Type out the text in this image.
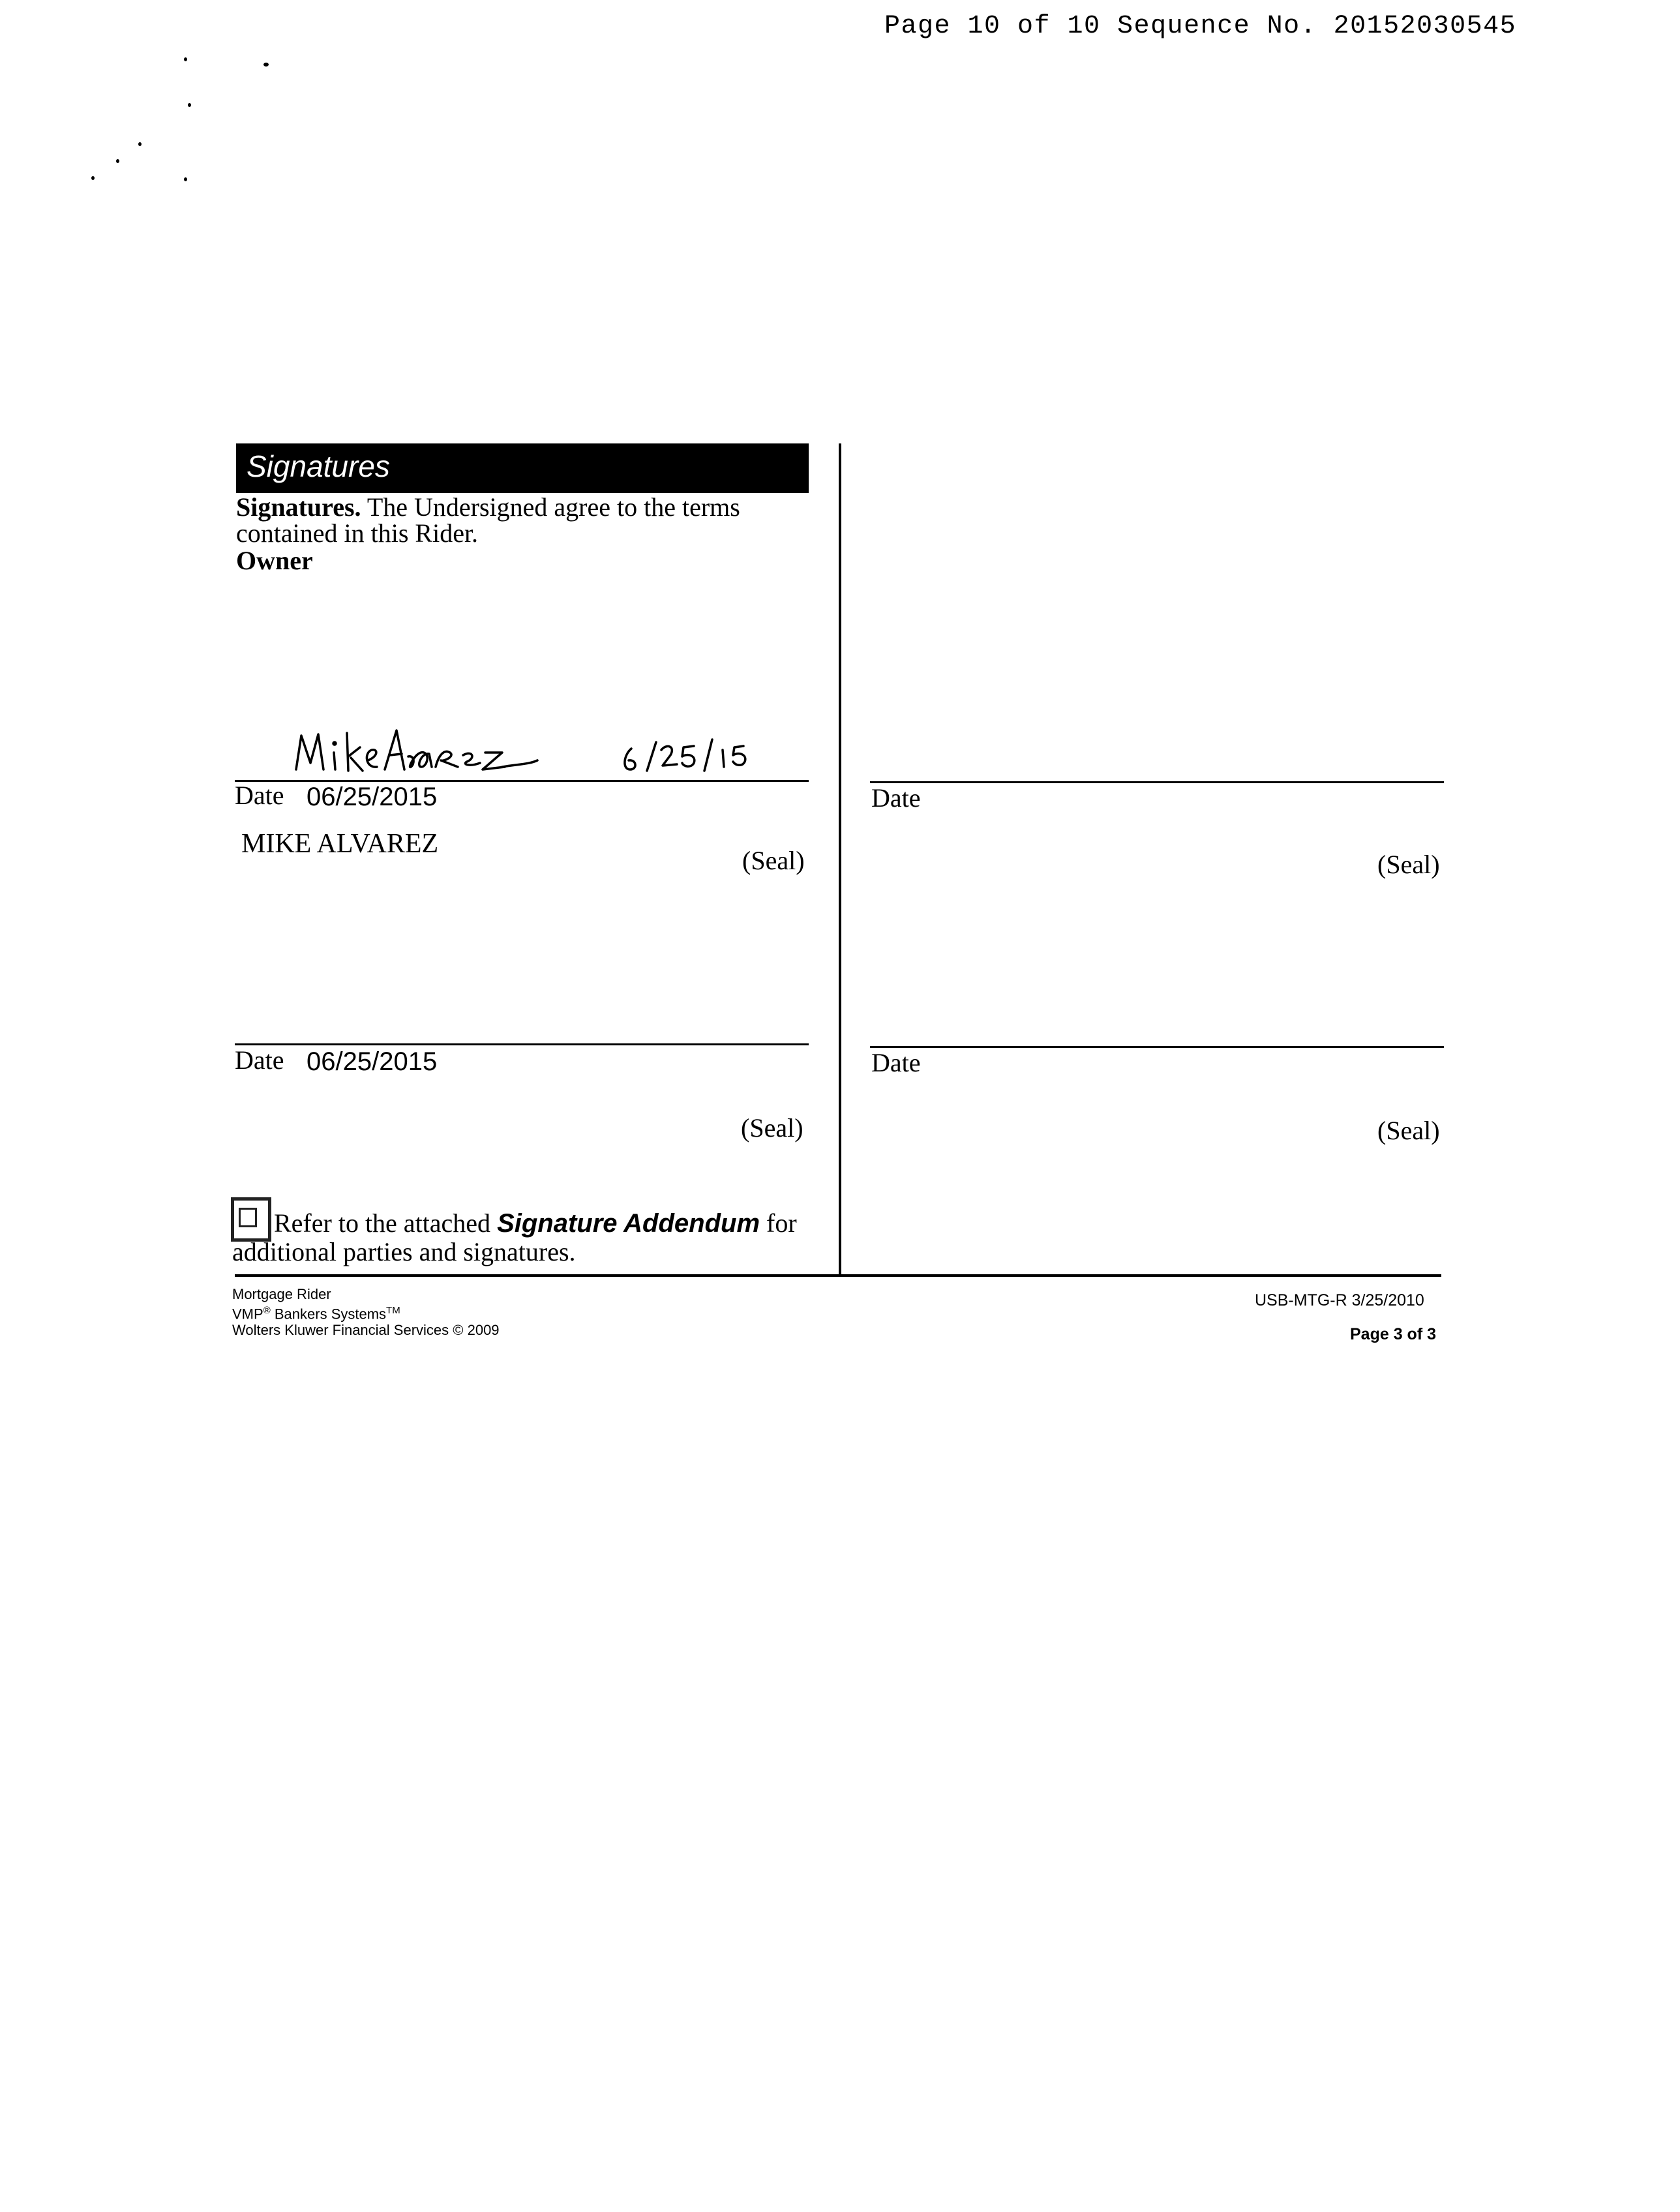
Page 10 of 10 Sequence No. 20152030545
Signatures
Signatures. The Undersigned agree to the terms
contained in this Rider.
Owner
Date 06/25/2015
MIKE ALVAREZ
(Seal)
Date
(Seal)
Date 06/25/2015
(Seal)
Date
(Seal)
Refer to the attached Signature Addendum for
additional parties and signatures.
Mortgage Rider
VMP® Bankers Systems™
Wolters Kluwer Financial Services © 2009
USB-MTG-R 3/25/2010
Page 3 of 3
